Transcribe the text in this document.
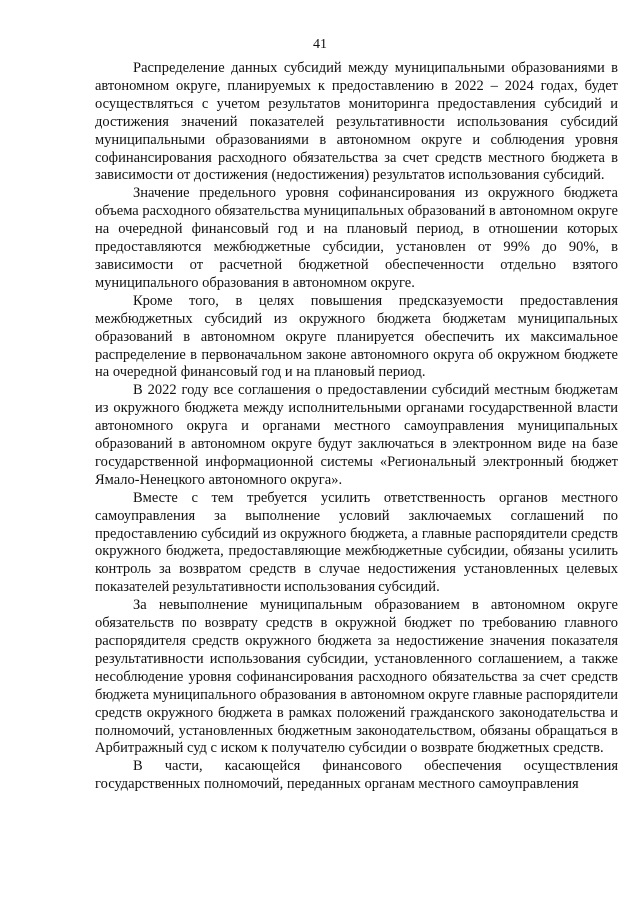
41

Распределение данных субсидий между муниципальными образованиями в автономном округе, планируемых к предоставлению в 2022 – 2024 годах, будет осуществляться с учетом результатов мониторинга предоставления субсидий и достижения значений показателей результативности использования субсидий муниципальными образованиями в автономном округе и соблюдения уровня софинансирования расходного обязательства за счет средств местного бюджета в зависимости от достижения (недостижения) результатов использования субсидий.

Значение предельного уровня софинансирования из окружного бюджета объема расходного обязательства муниципальных образований в автономном округе на очередной финансовый год и на плановый период, в отношении которых предоставляются межбюджетные субсидии, установлен от 99% до 90%, в зависимости от расчетной бюджетной обеспеченности отдельно взятого муниципального образования в автономном округе.

Кроме того, в целях повышения предсказуемости предоставления межбюджетных субсидий из окружного бюджета бюджетам муниципальных образований в автономном округе планируется обеспечить их максимальное распределение в первоначальном законе автономного округа об окружном бюджете на очередной финансовый год и на плановый период.

В 2022 году все соглашения о предоставлении субсидий местным бюджетам из окружного бюджета между исполнительными органами государственной власти автономного округа и органами местного самоуправления муниципальных образований в автономном округе будут заключаться в электронном виде на базе государственной информационной системы «Региональный электронный бюджет Ямало-Ненецкого автономного округа».

Вместе с тем требуется усилить ответственность органов местного самоуправления за выполнение условий заключаемых соглашений по предоставлению субсидий из окружного бюджета, а главные распорядители средств окружного бюджета, предоставляющие межбюджетные субсидии, обязаны усилить контроль за возвратом средств в случае недостижения установленных целевых показателей результативности использования субсидий.

За невыполнение муниципальным образованием в автономном округе обязательств по возврату средств в окружной бюджет по требованию главного распорядителя средств окружного бюджета за недостижение значения показателя результативности использования субсидии, установленного соглашением, а также несоблюдение уровня софинансирования расходного обязательства за счет средств бюджета муниципального образования в автономном округе главные распорядители средств окружного бюджета в рамках положений гражданского законодательства и полномочий, установленных бюджетным законодательством, обязаны обращаться в Арбитражный суд с иском к получателю субсидии о возврате бюджетных средств.

В части, касающейся финансового обеспечения осуществления государственных полномочий, переданных органам местного самоуправления
